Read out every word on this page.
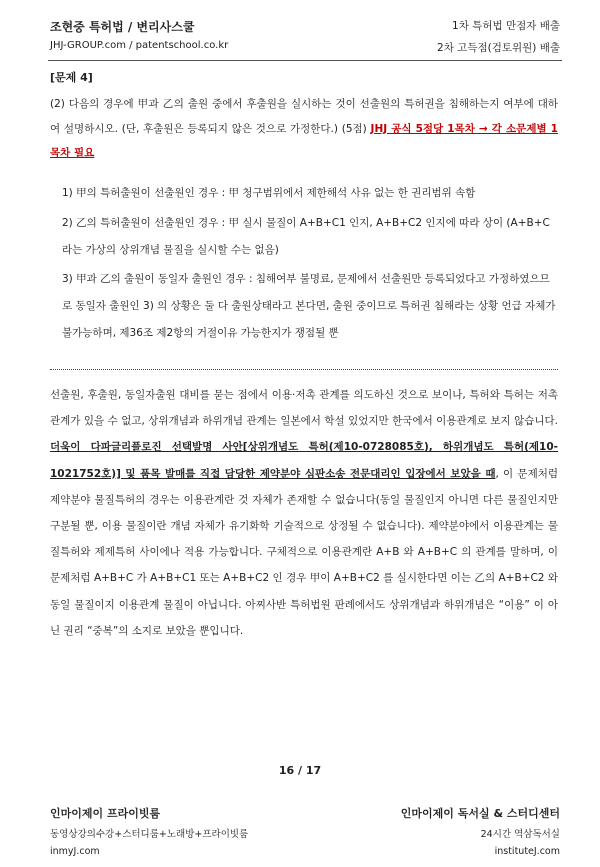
조현중 특허법 / 변리사스쿨
JHJ-GROUP.com / patentschool.co.kr
1차 특허법 만점자 배출
2차 고득점(검토위원) 배출
[문제 4]
(2) 다음의 경우에 甲과 乙의 출원 중에서 후출원을 실시하는 것이 선출원의 특허권을 침해하는지 여부에 대하여 설명하시오. (단, 후출원은 등록되지 않은 것으로 가정한다.) (5점) JHJ 공식 5점당 1목차 → 각 소문제별 1 목차 필요
1) 甲의 특허출원이 선출원인 경우 : 甲 청구범위에서 제한해석 사유 없는 한 권리범위 속함
2) 乙의 특허출원이 선출원인 경우 : 甲 실시 물질이 A+B+C1 인지, A+B+C2 인지에 따라 상이 (A+B+C 라는 가상의 상위개념 물질을 실시할 수는 없음)
3) 甲과 乙의 출원이 동일자 출원인 경우 : 침해여부 불명료, 문제에서 선출원만 등록되었다고 가정하였으므로 동일자 출원인 3) 의 상황은 둘 다 출원상태라고 본다면, 출원 중이므로 특허권 침해라는 상황 언급 자체가 불가능하며, 제36조 제2항의 거절이유 가능한지가 쟁점될 뿐
선출원, 후출원, 동일자출원 대비를 묻는 점에서 이용·저촉 관계를 의도하신 것으로 보이나, 특허와 특허는 저촉관계가 있을 수 없고, 상위개념과 하위개념 관계는 일본에서 학설 있었지만 한국에서 이용관계로 보지 않습니다. 더욱이 다파글리플로진 선택발명 사안[상위개념도 특허(제10-0728085호), 하위개념도 특허(제10-1021752호)] 및 품목 발매를 직접 담당한 제약분야 심판소송 전문대리인 입장에서 보았을 때, 이 문제처럼 제약분야 물질특허의 경우는 이용관계란 것 자체가 존재할 수 없습니다(동일 물질인지 아니면 다른 물질인지만 구분될 뿐, 이용 물질이란 개념 자체가 유기화학 기술적으로 상정될 수 없습니다). 제약분야에서 이용관계는 물질특허와 제제특허 사이에나 적용 가능합니다. 구체적으로 이용관계란 A+B 와 A+B+C 의 관계를 말하며, 이 문제처럼 A+B+C 가 A+B+C1 또는 A+B+C2 인 경우 甲이 A+B+C2 를 실시한다면 이는 乙의 A+B+C2 와 동일 물질이지 이용관계 물질이 아닙니다. 아찌사반 특허법원 판례에서도 상위개념과 하위개념은 “이용” 이 아닌 권리 “중복”의 소지로 보았을 뿐입니다.
16 / 17
인마이제이 프라이빗룸
동영상강의수강+스터디룸+노래방+프라이빗룸
inmyJ.com
인마이제이 독서실 & 스터디센터
24시간 역삼독서실
instituteJ.com
